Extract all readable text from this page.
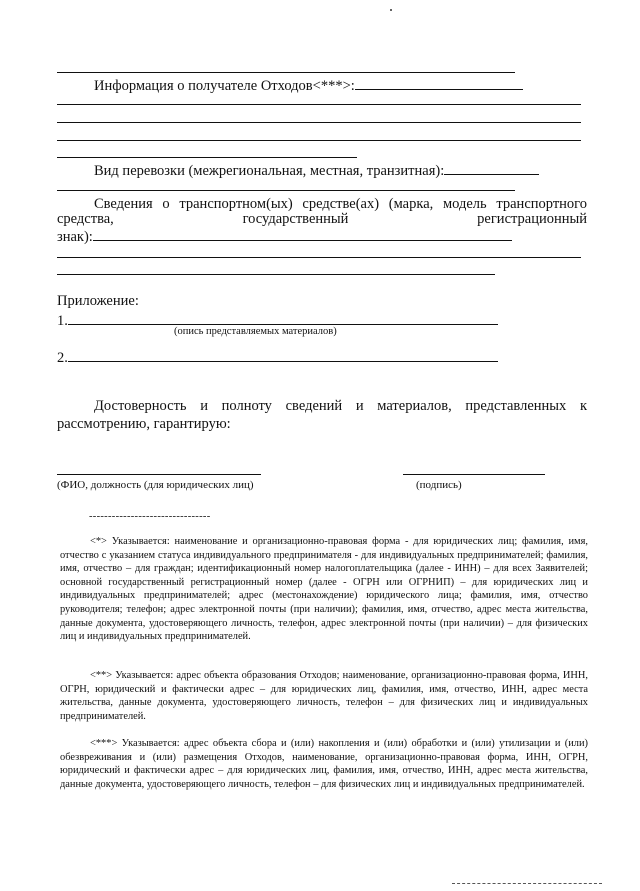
Информация о получателе Отходов<***>:
Вид перевозки (межрегиональная, местная, транзитная):
Сведения о транспортном(ых) средстве(ах) (марка, модель транспортного
средства,	государственный	регистрационный
знак):
Приложение:
1.
(опись представляемых материалов)
2.
Достоверность и полноту сведений и материалов, представленных к
рассмотрению, гарантирую:
(ФИО, должность (для юридических лиц)	(подпись)
--------------------------------

<*> Указывается: наименование и организационно-правовая форма - для юридических лиц; фамилия, имя, отчество с указанием статуса индивидуального предпринимателя - для индивидуальных предпринимателей; фамилия, имя, отчество – для граждан; идентификационный номер налогоплательщика (далее - ИНН) – для всех Заявителей; основной государственный регистрационный номер (далее - ОГРН или ОГРНИП) – для юридических лиц и индивидуальных предпринимателей; адрес (местонахождение) юридического лица; фамилия, имя, отчество руководителя; телефон; адрес электронной почты (при наличии); фамилия, имя, отчество, адрес места жительства, данные документа, удостоверяющего личность, телефон, адрес электронной почты (при наличии) – для физических лиц и индивидуальных предпринимателей.

<**> Указывается: адрес объекта образования Отходов; наименование, организационно-правовая форма, ИНН, ОГРН, юридический и фактически адрес – для юридических лиц, фамилия, имя, отчество, ИНН, адрес места жительства, данные документа, удостоверяющего личность, телефон – для физических лиц и индивидуальных предпринимателей.

<***> Указывается: адрес объекта сбора и (или) накопления и (или) обработки и (или) утилизации и (или) обезвреживания и (или) размещения Отходов, наименование, организационно-правовая форма, ИНН, ОГРН, юридический и фактически адрес – для юридических лиц, фамилия, имя, отчество, ИНН, адрес места жительства, данные документа, удостоверяющего личность, телефон – для физических лиц и индивидуальных предпринимателей.
